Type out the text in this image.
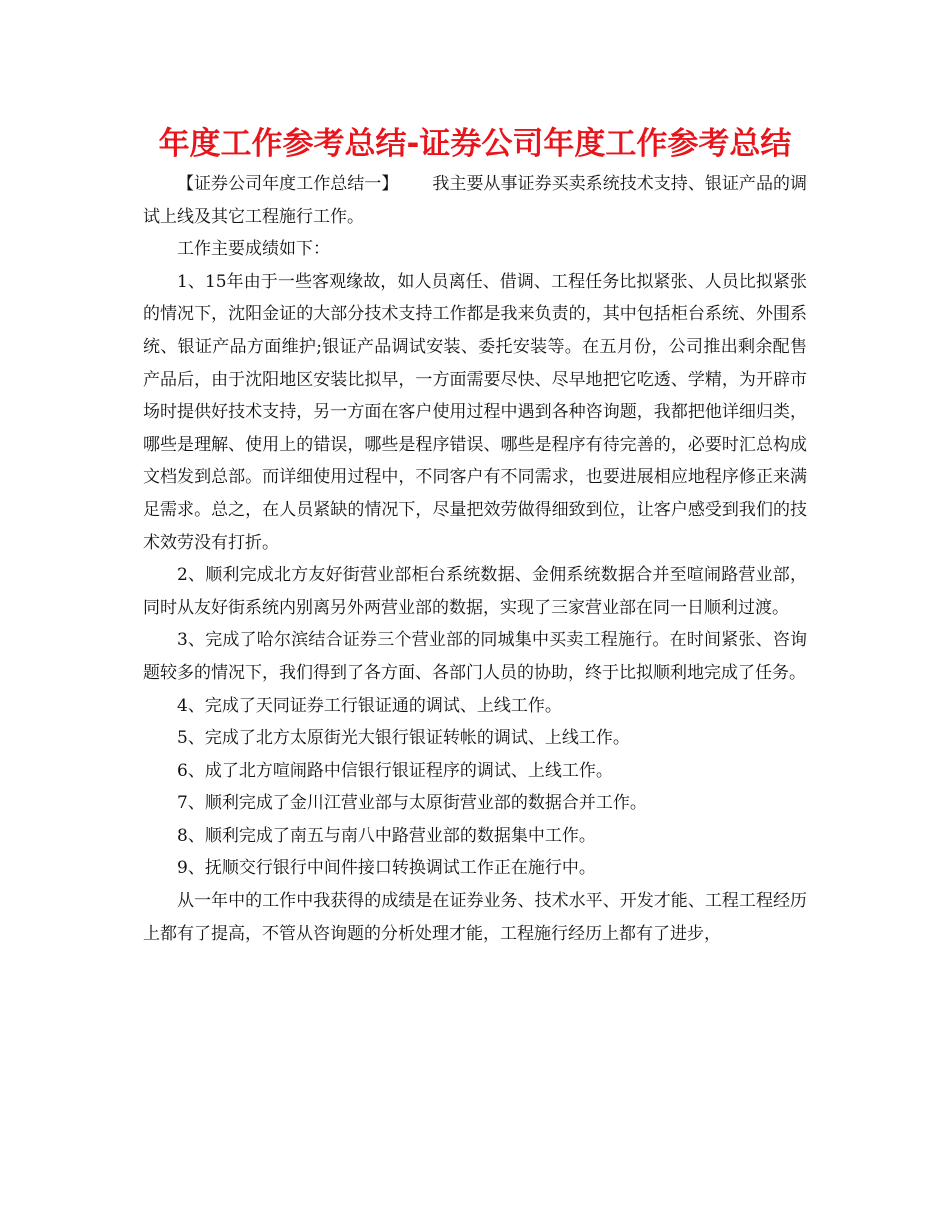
年度工作参考总结-证券公司年度工作参考总结

【证券公司年度工作总结一】 我主要从事证券买卖系统技术支持、银证产品的调试上线及其它工程施行工作。

工作主要成绩如下：

1、15年由于一些客观缘故，如人员离任、借调、工程任务比拟紧张、人员比拟紧张的情况下，沈阳金证的大部分技术支持工作都是我来负责的，其中包括柜台系统、外围系统、银证产品方面维护;银证产品调试安装、委托安装等。在五月份，公司推出剩余配售产品后，由于沈阳地区安装比拟早，一方面需要尽快、尽早地把它吃透、学精，为开辟市场时提供好技术支持，另一方面在客户使用过程中遇到各种咨询题，我都把他详细归类，哪些是理解、使用上的错误，哪些是程序错误、哪些是程序有待完善的，必要时汇总构成文档发到总部。而详细使用过程中，不同客户有不同需求，也要进展相应地程序修正来满足需求。总之，在人员紧缺的情况下，尽量把效劳做得细致到位，让客户感受到我们的技术效劳没有打折。

2、顺利完成北方友好街营业部柜台系统数据、金佣系统数据合并至喧闹路营业部，同时从友好街系统内别离另外两营业部的数据，实现了三家营业部在同一日顺利过渡。

3、完成了哈尔滨结合证券三个营业部的同城集中买卖工程施行。在时间紧张、咨询题较多的情况下，我们得到了各方面、各部门人员的协助，终于比拟顺利地完成了任务。

4、完成了天同证券工行银证通的调试、上线工作。

5、完成了北方太原街光大银行银证转帐的调试、上线工作。

6、成了北方喧闹路中信银行银证程序的调试、上线工作。

7、顺利完成了金川江营业部与太原街营业部的数据合并工作。

8、顺利完成了南五与南八中路营业部的数据集中工作。

9、抚顺交行银行中间件接口转换调试工作正在施行中。

从一年中的工作中我获得的成绩是在证券业务、技术水平、开发才能、工程工程经历上都有了提高，不管从咨询题的分析处理才能，工程施行经历上都有了进步，
